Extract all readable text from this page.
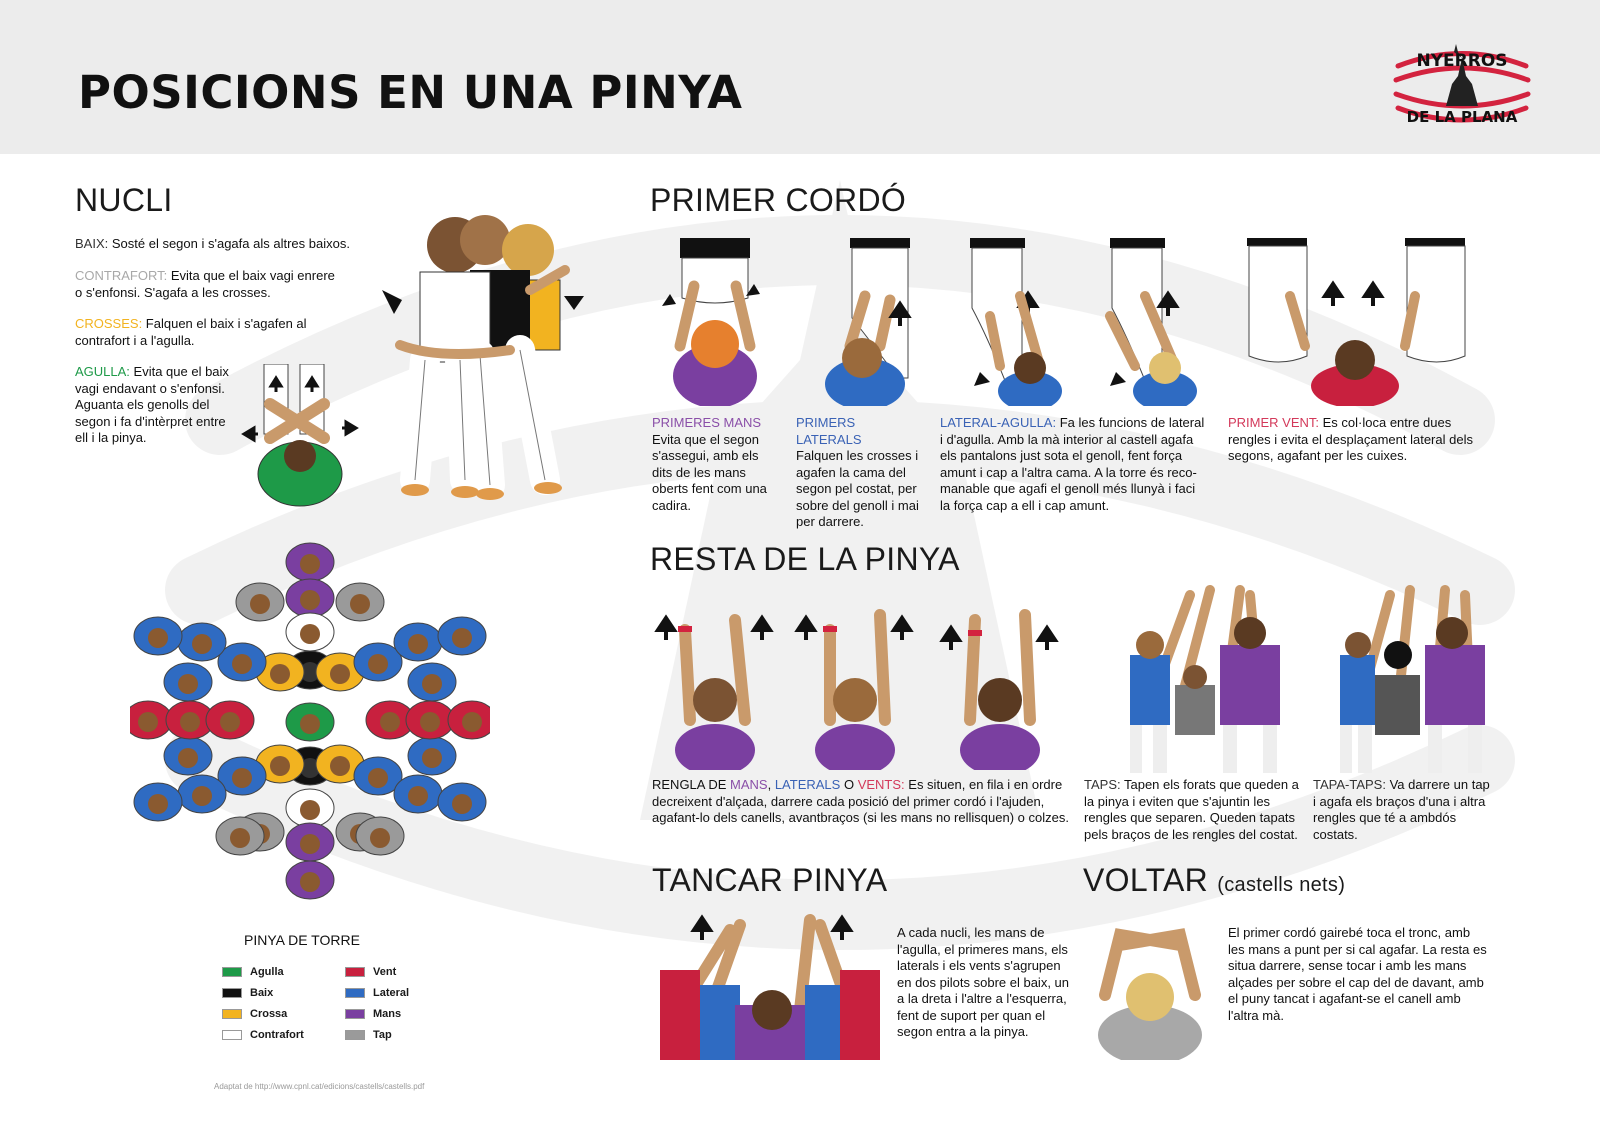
POSICIONS EN UNA PINYA
NYERROS
DE LA PLANA
NUCLI
BAIX: Sosté el segon i s'agafa als altres baixos.
CONTRAFORT: Evita que el baix vagi enrere o s'enfonsi. S'agafa a les crosses.
CROSSES: Falquen el baix i s'agafen al contrafort i a l'agulla.
AGULLA: Evita que el baix vagi endavant o s'enfonsi. Aguanta els genolls del segon i fa d'intèrpret entre ell i la pinya.
PRIMER CORDÓ
PRIMERES MANS
Evita que el segon s'assegui, amb els dits de les mans oberts fent com una cadira.
PRIMERS LATERALS
Falquen les crosses i agafen la cama del segon pel costat, per sobre del genoll i mai per darrere.
LATERAL-AGULLA: Fa les funcions de lateral i d'agulla. Amb la mà interior al castell agafa els pantalons just sota el genoll, fent força amunt i cap a l'altra cama. A la torre és reco-manable que agafi el genoll més llunyà i faci la força cap a ell i cap amunt.
PRIMER VENT: Es col·loca entre dues rengles i evita el desplaçament lateral dels segons, agafant per les cuixes.
RESTA DE LA PINYA
RENGLA DE MANS, LATERALS O VENTS: Es situen, en fila i en ordre decreixent d'alçada, darrere cada posició del primer cordó i l'ajuden, agafant-lo dels canells, avantbraços (si les mans no rellisquen) o colzes.
TAPS: Tapen els forats que queden a la pinya i eviten que s'ajuntin les rengles que separen. Queden tapats pels braços de les rengles del costat.
TAPA-TAPS: Va darrere un tap i agafa els braços d'una i altra rengles que té a ambdós costats.
TANCAR PINYA
A cada nucli, les mans de l'agulla, el primeres mans, els laterals i els vents s'agrupen en dos pilots sobre el baix, un a la dreta i l'altre a l'esquerra, fent de suport per quan el segon entra a la pinya.
VOLTAR (castells nets)
El primer cordó gairebé toca el tronc, amb les mans a punt per si cal agafar. La resta es situa darrere, sense tocar i amb les mans alçades per sobre el cap del de davant, amb el puny tancat i agafant-se el canell amb l'altra mà.
PINYA DE TORRE
Agulla
Baix
Crossa
Contrafort
Vent
Lateral
Mans
Tap
Adaptat de http://www.cpnl.cat/edicions/castells/castells.pdf
